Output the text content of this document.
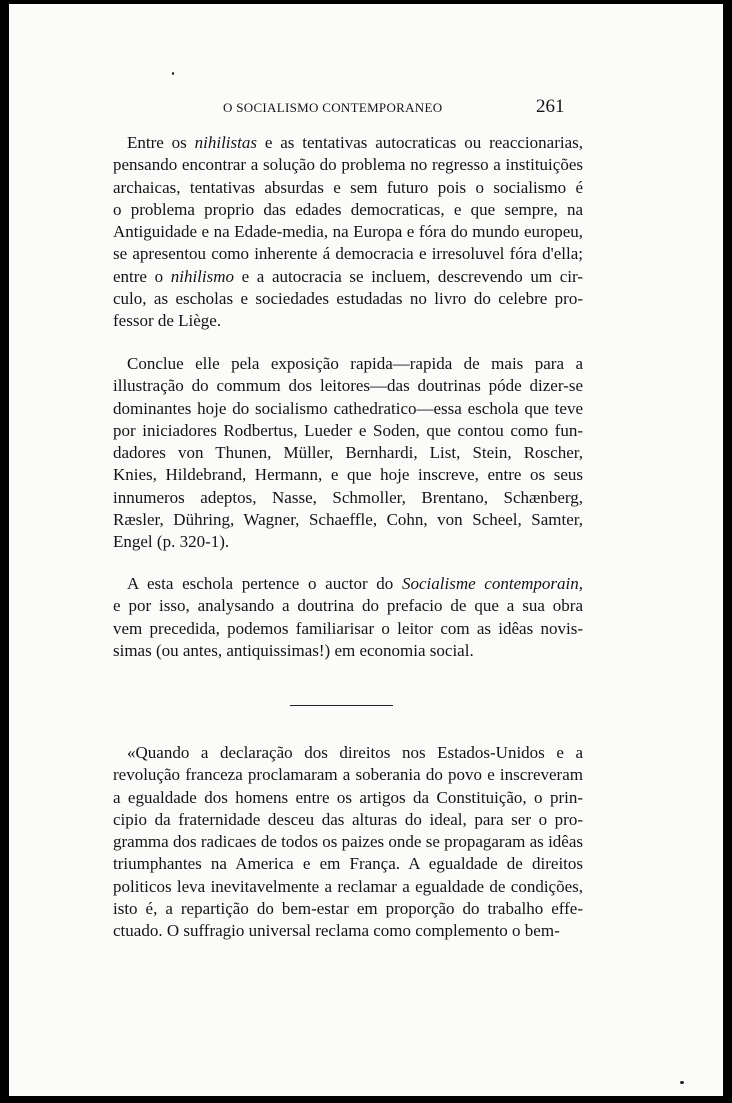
O SOCIALISMO CONTEMPORANEO	261
Entre os nihilistas e as tentativas autocraticas ou reaccionarias,
pensando encontrar a solução do problema no regresso a instituições
archaicas, tentativas absurdas e sem futuro pois o socialismo é
o problema proprio das edades democraticas, e que sempre, na
Antiguidade e na Edade-media, na Europa e fóra do mundo europeu,
se apresentou como inherente á democracia e irresoluvel fóra d'ella;
entre o nihilismo e a autocracia se incluem, descrevendo um cir-
culo, as escholas e sociedades estudadas no livro do celebre pro-
fessor de Liège.
Conclue elle pela exposição rapida—rapida de mais para a
illustração do commum dos leitores—das doutrinas póde dizer-se
dominantes hoje do socialismo cathedratico—essa eschola que teve
por iniciadores Rodbertus, Lueder e Soden, que contou como fun-
dadores von Thunen, Müller, Bernhardi, List, Stein, Roscher,
Knies, Hildebrand, Hermann, e que hoje inscreve, entre os seus
innumeros adeptos, Nasse, Schmoller, Brentano, Schænberg,
Ræsler, Dühring, Wagner, Schaeffle, Cohn, von Scheel, Samter,
Engel (p. 320-1).
A esta eschola pertence o auctor do Socialisme contemporain,
e por isso, analysando a doutrina do prefacio de que a sua obra
vem precedida, podemos familiarisar o leitor com as idêas novis-
simas (ou antes, antiquissimas!) em economia social.
«Quando a declaração dos direitos nos Estados-Unidos e a
revolução franceza proclamaram a soberania do povo e inscreveram
a egualdade dos homens entre os artigos da Constituição, o prin-
cipio da fraternidade desceu das alturas do ideal, para ser o pro-
gramma dos radicaes de todos os paizes onde se propagaram as idêas
triumphantes na America e em França. A egualdade de direitos
politicos leva inevitavelmente a reclamar a egualdade de condições,
isto é, a repartição do bem-estar em proporção do trabalho effe-
ctuado. O suffragio universal reclama como complemento o bem-
